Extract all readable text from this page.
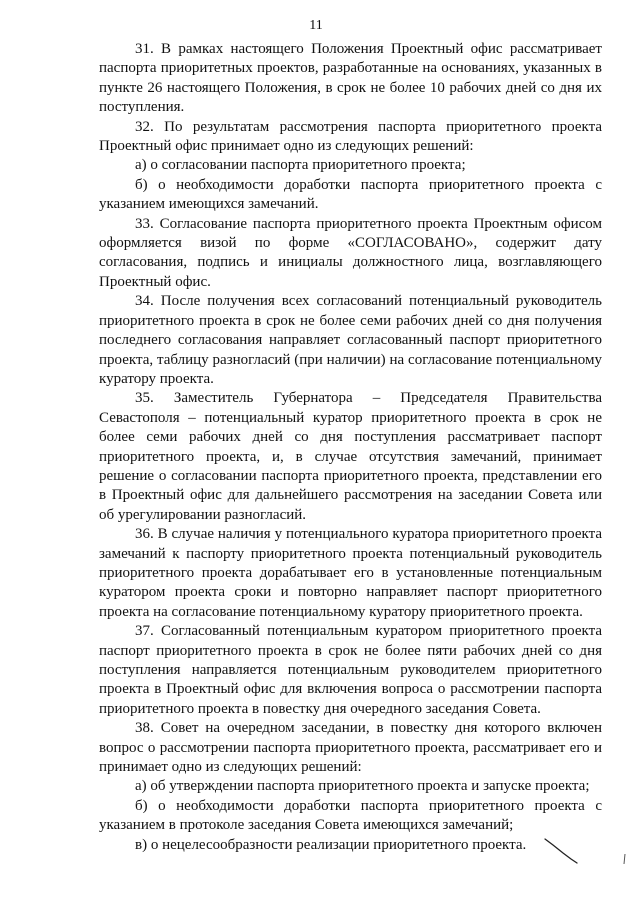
11

31. В рамках настоящего Положения Проектный офис рассматривает паспорта приоритетных проектов, разработанные на основаниях, указанных в пункте 26 настоящего Положения, в срок не более 10 рабочих дней со дня их поступления.

32. По результатам рассмотрения паспорта приоритетного проекта Проектный офис принимает одно из следующих решений:

а) о согласовании паспорта приоритетного проекта;

б) о необходимости доработки паспорта приоритетного проекта с указанием имеющихся замечаний.

33. Согласование паспорта приоритетного проекта Проектным офисом оформляется визой по форме «СОГЛАСОВАНО», содержит дату согласования, подпись и инициалы должностного лица, возглавляющего Проектный офис.

34. После получения всех согласований потенциальный руководитель приоритетного проекта в срок не более семи рабочих дней со дня получения последнего согласования направляет согласованный паспорт приоритетного проекта, таблицу разногласий (при наличии) на согласование потенциальному куратору проекта.

35. Заместитель Губернатора – Председателя Правительства Севастополя – потенциальный куратор приоритетного проекта в срок не более семи рабочих дней со дня поступления рассматривает паспорт приоритетного проекта, и, в случае отсутствия замечаний, принимает решение о согласовании паспорта приоритетного проекта, представлении его в Проектный офис для дальнейшего рассмотрения на заседании Совета или об урегулировании разногласий.

36. В случае наличия у потенциального куратора приоритетного проекта замечаний к паспорту приоритетного проекта потенциальный руководитель приоритетного проекта дорабатывает его в установленные потенциальным куратором проекта сроки и повторно направляет паспорт приоритетного проекта на согласование потенциальному куратору приоритетного проекта.

37. Согласованный потенциальным куратором приоритетного проекта паспорт приоритетного проекта в срок не более пяти рабочих дней со дня поступления направляется потенциальным руководителем приоритетного проекта в Проектный офис для включения вопроса о рассмотрении паспорта приоритетного проекта в повестку дня очередного заседания Совета.

38. Совет на очередном заседании, в повестку дня которого включен вопрос о рассмотрении паспорта приоритетного проекта, рассматривает его и принимает одно из следующих решений:

а) об утверждении паспорта приоритетного проекта и запуске проекта;

б) о необходимости доработки паспорта приоритетного проекта с указанием в протоколе заседания Совета имеющихся замечаний;

в) о нецелесообразности реализации приоритетного проекта.
